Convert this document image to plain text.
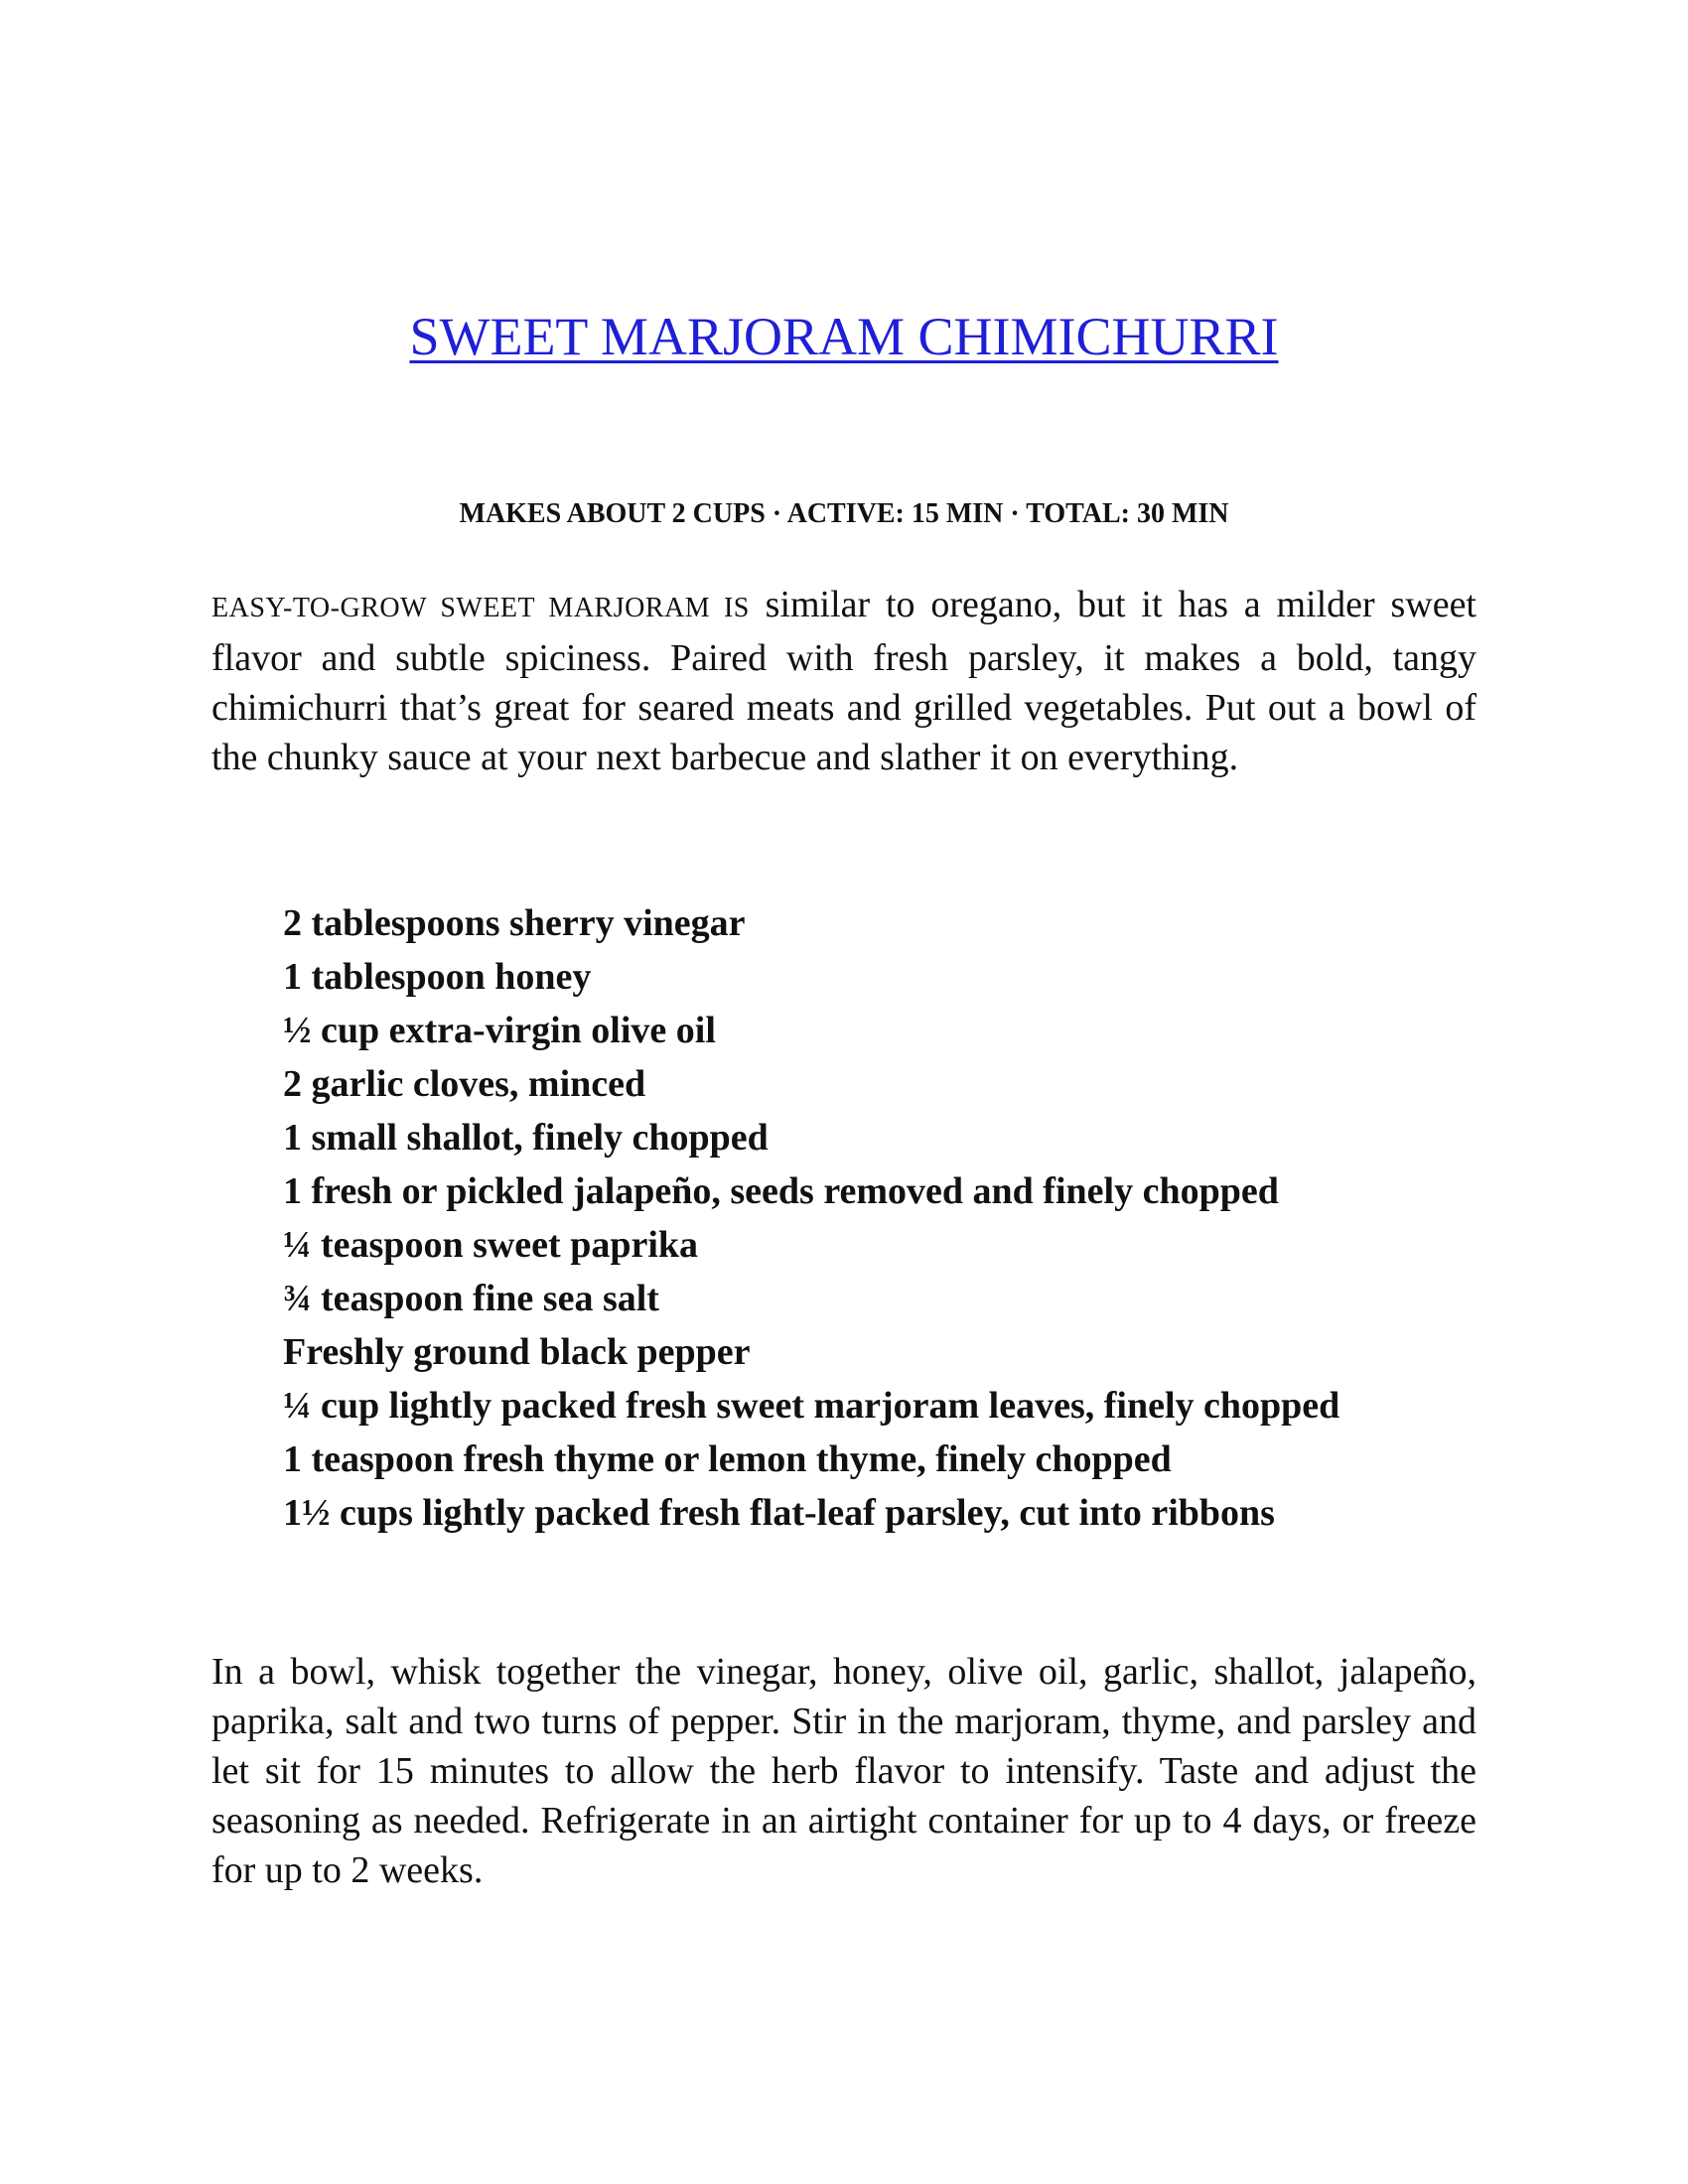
SWEET MARJORAM CHIMICHURRI

MAKES ABOUT 2 CUPS · ACTIVE: 15 MIN · TOTAL: 30 MIN

EASY-TO-GROW SWEET MARJORAM IS similar to oregano, but it has a milder sweet flavor and subtle spiciness. Paired with fresh parsley, it makes a bold, tangy chimichurri that’s great for seared meats and grilled vegetables. Put out a bowl of the chunky sauce at your next barbecue and slather it on everything.

2 tablespoons sherry vinegar
1 tablespoon honey
½ cup extra-virgin olive oil
2 garlic cloves, minced
1 small shallot, finely chopped
1 fresh or pickled jalapeño, seeds removed and finely chopped
¼ teaspoon sweet paprika
¾ teaspoon fine sea salt
Freshly ground black pepper
¼ cup lightly packed fresh sweet marjoram leaves, finely chopped
1 teaspoon fresh thyme or lemon thyme, finely chopped
1½ cups lightly packed fresh flat-leaf parsley, cut into ribbons

In a bowl, whisk together the vinegar, honey, olive oil, garlic, shallot, jalapeño, paprika, salt and two turns of pepper. Stir in the marjoram, thyme, and parsley and let sit for 15 minutes to allow the herb flavor to intensify. Taste and adjust the seasoning as needed. Refrigerate in an airtight container for up to 4 days, or freeze for up to 2 weeks.
